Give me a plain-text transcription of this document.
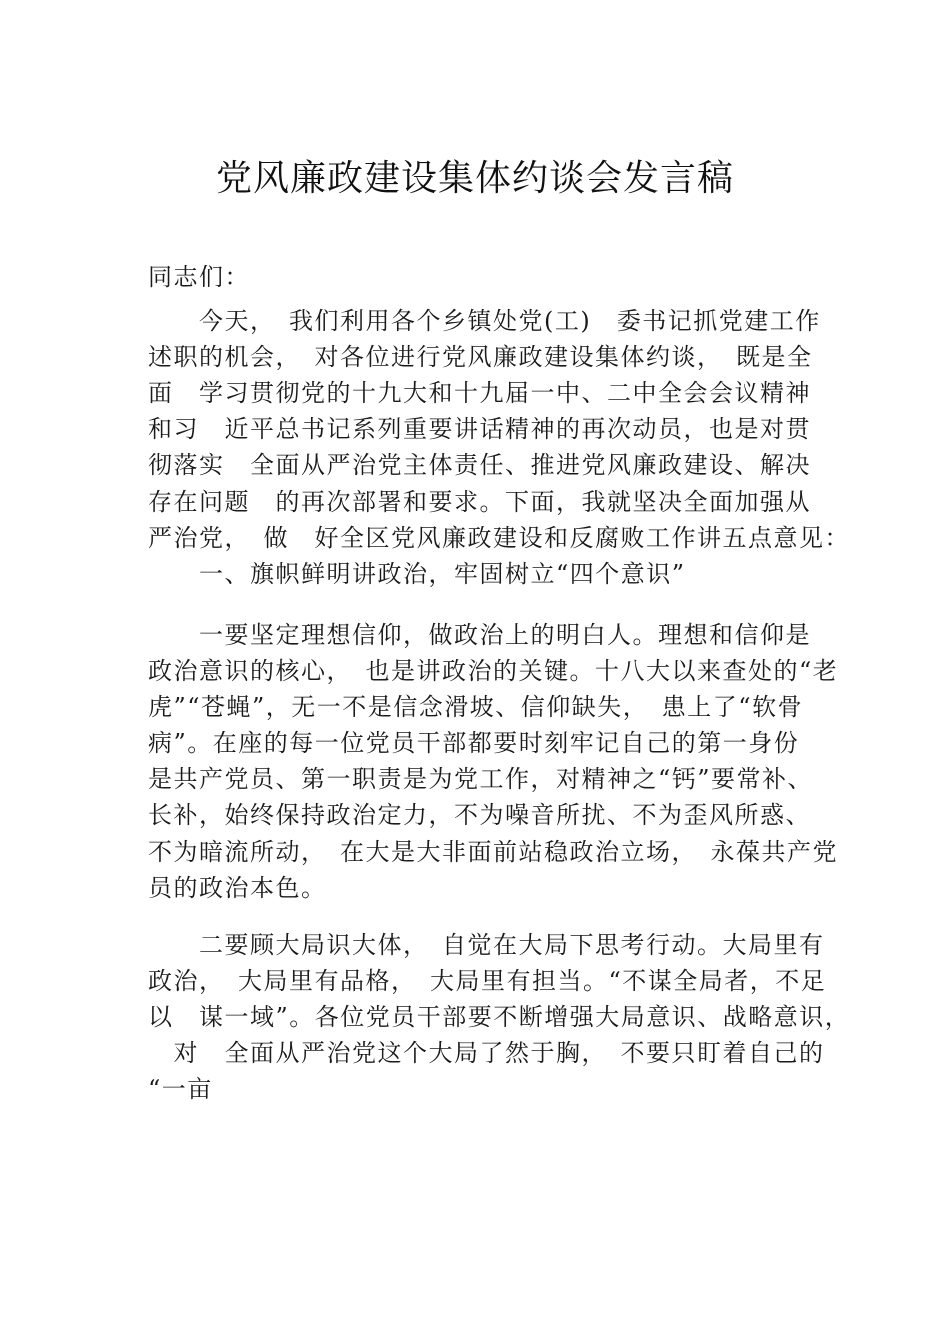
党风廉政建设集体约谈会发言稿
同志们：
　　今天，　我们利用各个乡镇处党(工)　委书记抓党建工作
述职的机会，　对各位进行党风廉政建设集体约谈，　既是全
面　学习贯彻党的十九大和十九届一中、二中全会会议精神
和习　近平总书记系列重要讲话精神的再次动员，也是对贯
彻落实　全面从严治党主体责任、推进党风廉政建设、解决
存在问题　的再次部署和要求。下面，我就坚决全面加强从
严治党，　做　好全区党风廉政建设和反腐败工作讲五点意见：
　　一、旗帜鲜明讲政治，牢固树立“四个意识”
　　一要坚定理想信仰，做政治上的明白人。理想和信仰是
政治意识的核心，　也是讲政治的关键。十八大以来查处的“老
虎”“苍蝇”，无一不是信念滑坡、信仰缺失，　患上了“软骨
病”。在座的每一位党员干部都要时刻牢记自己的第一身份
是共产党员、第一职责是为党工作，对精神之“钙”要常补、
长补，始终保持政治定力，不为噪音所扰、不为歪风所惑、
不为暗流所动，　在大是大非面前站稳政治立场，　永葆共产党
员的政治本色。
　　二要顾大局识大体，　自觉在大局下思考行动。大局里有
政治，　大局里有品格，　大局里有担当。“不谋全局者，不足
以　谋一域”。各位党员干部要不断增强大局意识、战略意识，
　对　全面从严治党这个大局了然于胸，　不要只盯着自己的
“一亩
